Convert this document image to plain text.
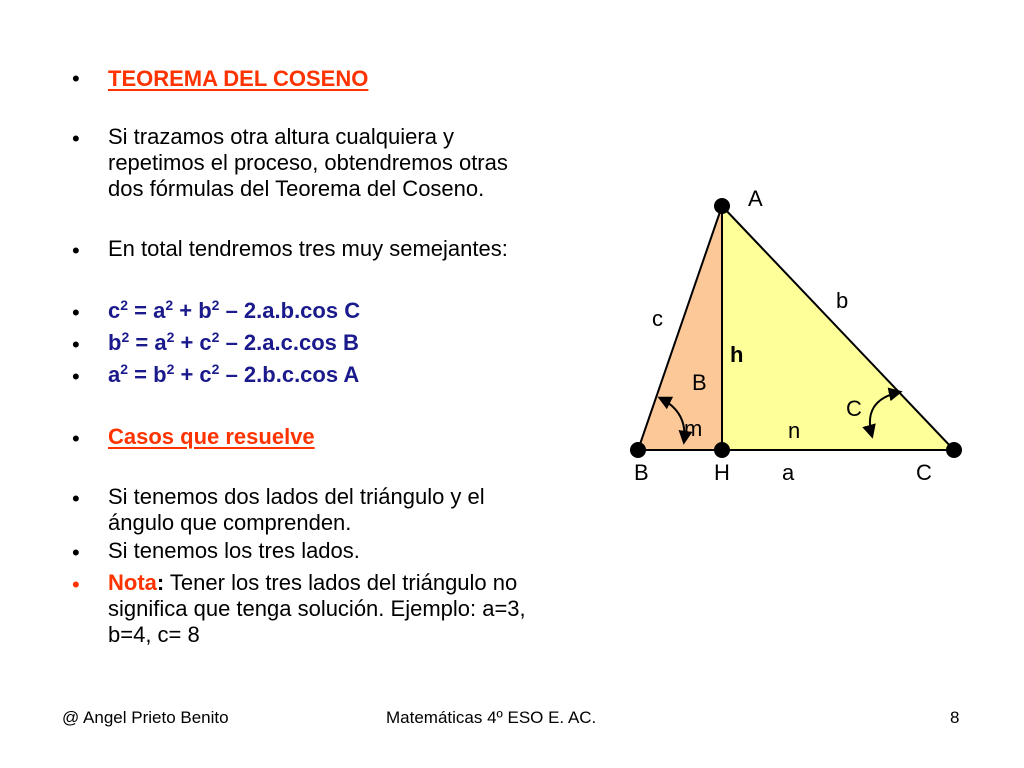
• TEOREMA DEL COSENO
• Si trazamos otra altura cualquiera y
repetimos el proceso, obtendremos otras
dos fórmulas del Teorema del Coseno.
• En total tendremos tres muy semejantes:
• $c^2 = a^2 + b^2 - 2.a.b.\cos$ C
• $b^2 = a^2 + c^2 - 2.a.c.\cos$ B
• $a^2 = b^2 + c^2 - 2.b.c.\cos$ A
• Casos que resuelve
• Si tenemos dos lados del triángulo y el
ángulo que comprenden.
• Si tenemos los tres lados.
• Nota: Tener los tres lados del triángulo no
significa que tenga solución. Ejemplo: a=3,
b=4, c= 8
A
b
c
h
B
C
m	n
B	H a	C
@ Angel Prieto Benito	Matemáticas 4º ESO E. AC.	8
